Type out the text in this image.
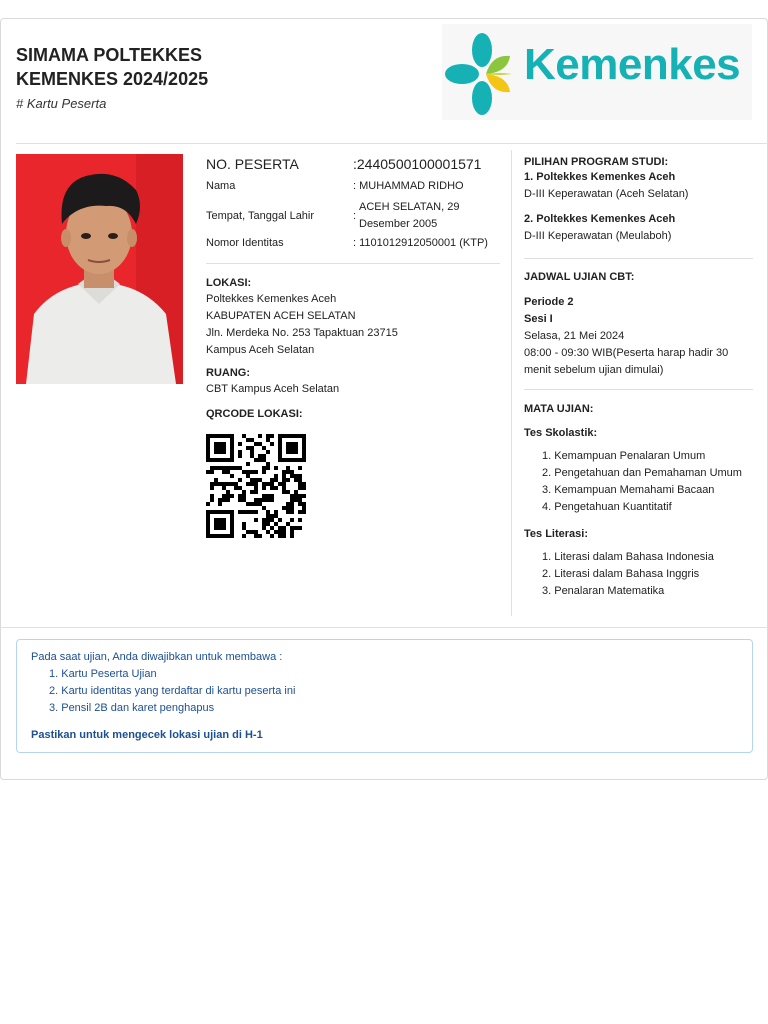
SIMAMA POLTEKKES
KEMENKES 2024/2025
# Kartu Peserta
Kemenkes
NO. PESERTA	:2440500100001571
Nama	: MUHAMMAD RIDHO
Tempat, Tanggal Lahir	:
ACEH SELATAN, 29
Desember 2005
Nomor Identitas	: 1101012912050001 (KTP)
LOKASI:
Poltekkes Kemenkes Aceh
KABUPATEN ACEH SELATAN
Jln. Merdeka No. 253 Tapaktuan 23715
Kampus Aceh Selatan
RUANG:
CBT Kampus Aceh Selatan
QRCODE LOKASI:
PILIHAN PROGRAM STUDI:
1. Poltekkes Kemenkes Aceh
D-III Keperawatan (Aceh Selatan)
2. Poltekkes Kemenkes Aceh
D-III Keperawatan (Meulaboh)
JADWAL UJIAN CBT:
Periode 2
Sesi I
Selasa, 21 Mei 2024
08:00 - 09:30 WIB(Peserta harap hadir 30
menit sebelum ujian dimulai)
MATA UJIAN:
Tes Skolastik:
1. Kemampuan Penalaran Umum
2. Pengetahuan dan Pemahaman Umum
3. Kemampuan Memahami Bacaan
4. Pengetahuan Kuantitatif
Tes Literasi:
1. Literasi dalam Bahasa Indonesia
2. Literasi dalam Bahasa Inggris
3. Penalaran Matematika
Pada saat ujian, Anda diwajibkan untuk membawa :
1. Kartu Peserta Ujian
2. Kartu identitas yang terdaftar di kartu peserta ini
3. Pensil 2B dan karet penghapus
Pastikan untuk mengecek lokasi ujian di H-1
